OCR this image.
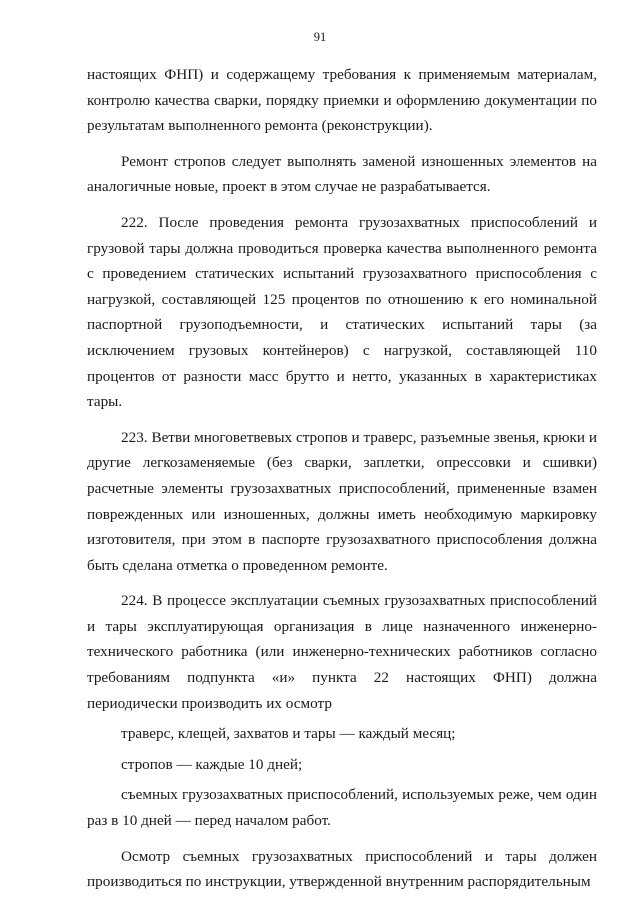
91

настоящих ФНП) и содержащему требования к применяемым материалам, контролю качества сварки, порядку приемки и оформлению документации по результатам выполненного ремонта (реконструкции).

Ремонт стропов следует выполнять заменой изношенных элементов на аналогичные новые, проект в этом случае не разрабатывается.

222. После проведения ремонта грузозахватных приспособлений и грузовой тары должна проводиться проверка качества выполненного ремонта с проведением статических испытаний грузозахватного приспособления с нагрузкой, составляющей 125 процентов по отношению к его номинальной паспортной грузоподъемности, и статических испытаний тары (за исключением грузовых контейнеров) с нагрузкой, составляющей 110 процентов от разности масс брутто и нетто, указанных в характеристиках тары.

223. Ветви многоветвевых стропов и траверс, разъемные звенья, крюки и другие легкозаменяемые (без сварки, заплетки, опрессовки и сшивки) расчетные элементы грузозахватных приспособлений, примененные взамен поврежденных или изношенных, должны иметь необходимую маркировку изготовителя, при этом в паспорте грузозахватного приспособления должна быть сделана отметка о проведенном ремонте.

224. В процессе эксплуатации съемных грузозахватных приспособлений и тары эксплуатирующая организация в лице назначенного инженерно-технического работника (или инженерно-технических работников согласно требованиям подпункта «и» пункта 22 настоящих ФНП) должна периодически производить их осмотр

траверс, клещей, захватов и тары — каждый месяц;

стропов — каждые 10 дней;

съемных грузозахватных приспособлений, используемых реже, чем один раз в 10 дней — перед началом работ.

Осмотр съемных грузозахватных приспособлений и тары должен производиться по инструкции, утвержденной внутренним распорядительным
